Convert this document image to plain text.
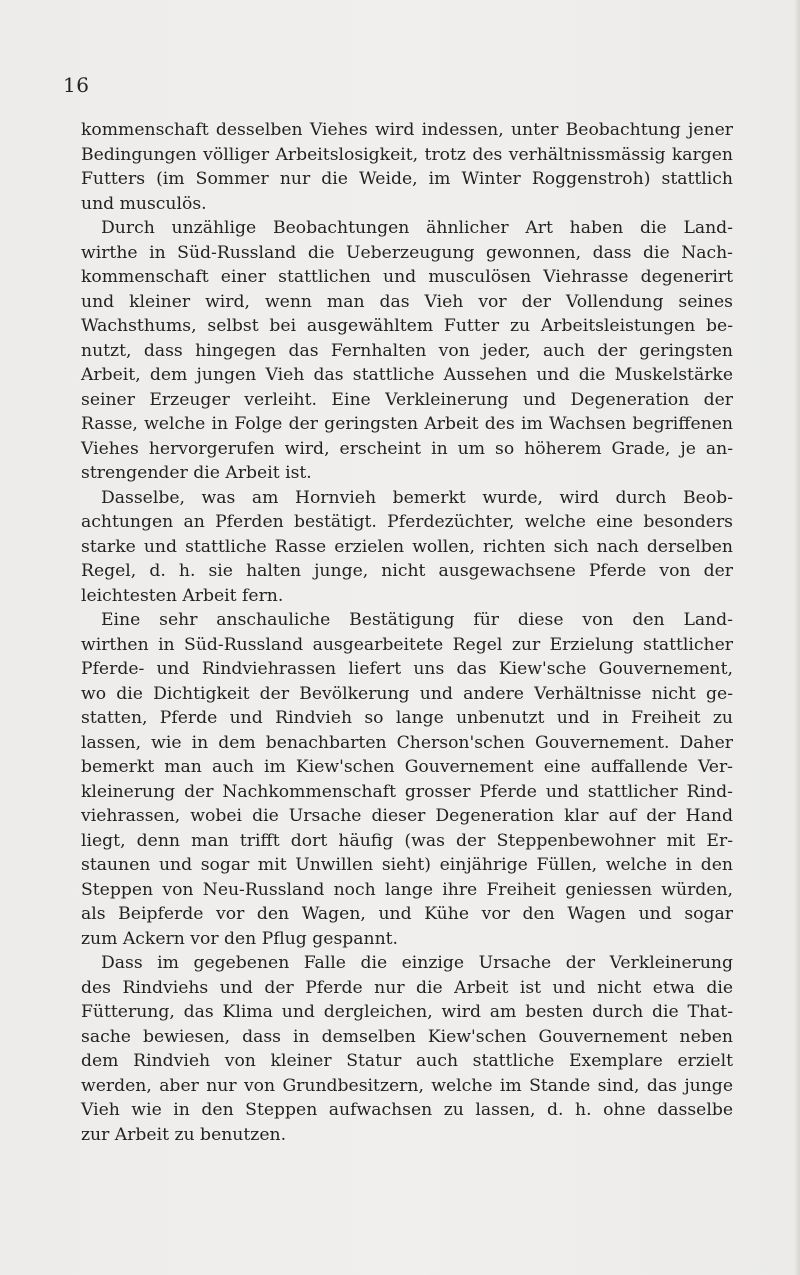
16
kommenschaft desselben Viehes wird indessen, unter Beobachtung jener
Bedingungen völliger Arbeitslosigkeit, trotz des verhältnissmässig kargen
Futters (im Sommer nur die Weide, im Winter Roggenstroh) stattlich
und musculös.
Durch unzählige Beobachtungen ähnlicher Art haben die Land-
wirthe in Süd-Russland die Ueberzeugung gewonnen, dass die Nach-
kommenschaft einer stattlichen und musculösen Viehrasse degenerirt
und kleiner wird, wenn man das Vieh vor der Vollendung seines
Wachsthums, selbst bei ausgewähltem Futter zu Arbeitsleistungen be-
nutzt, dass hingegen das Fernhalten von jeder, auch der geringsten
Arbeit, dem jungen Vieh das stattliche Aussehen und die Muskelstärke
seiner Erzeuger verleiht. Eine Verkleinerung und Degeneration der
Rasse, welche in Folge der geringsten Arbeit des im Wachsen begriffenen
Viehes hervorgerufen wird, erscheint in um so höherem Grade, je an-
strengender die Arbeit ist.
Dasselbe, was am Hornvieh bemerkt wurde, wird durch Beob-
achtungen an Pferden bestätigt. Pferdezüchter, welche eine besonders
starke und stattliche Rasse erzielen wollen, richten sich nach derselben
Regel, d. h. sie halten junge, nicht ausgewachsene Pferde von der
leichtesten Arbeit fern.
Eine sehr anschauliche Bestätigung für diese von den Land-
wirthen in Süd-Russland ausgearbeitete Regel zur Erzielung stattlicher
Pferde- und Rindviehrassen liefert uns das Kiew'sche Gouvernement,
wo die Dichtigkeit der Bevölkerung und andere Verhältnisse nicht ge-
statten, Pferde und Rindvieh so lange unbenutzt und in Freiheit zu
lassen, wie in dem benachbarten Cherson'schen Gouvernement. Daher
bemerkt man auch im Kiew'schen Gouvernement eine auffallende Ver-
kleinerung der Nachkommenschaft grosser Pferde und stattlicher Rind-
viehrassen, wobei die Ursache dieser Degeneration klar auf der Hand
liegt, denn man trifft dort häufig (was der Steppenbewohner mit Er-
staunen und sogar mit Unwillen sieht) einjährige Füllen, welche in den
Steppen von Neu-Russland noch lange ihre Freiheit geniessen würden,
als Beipferde vor den Wagen, und Kühe vor den Wagen und sogar
zum Ackern vor den Pflug gespannt.
Dass im gegebenen Falle die einzige Ursache der Verkleinerung
des Rindviehs und der Pferde nur die Arbeit ist und nicht etwa die
Fütterung, das Klima und dergleichen, wird am besten durch die That-
sache bewiesen, dass in demselben Kiew'schen Gouvernement neben
dem Rindvieh von kleiner Statur auch stattliche Exemplare erzielt
werden, aber nur von Grundbesitzern, welche im Stande sind, das junge
Vieh wie in den Steppen aufwachsen zu lassen, d. h. ohne dasselbe
zur Arbeit zu benutzen.
